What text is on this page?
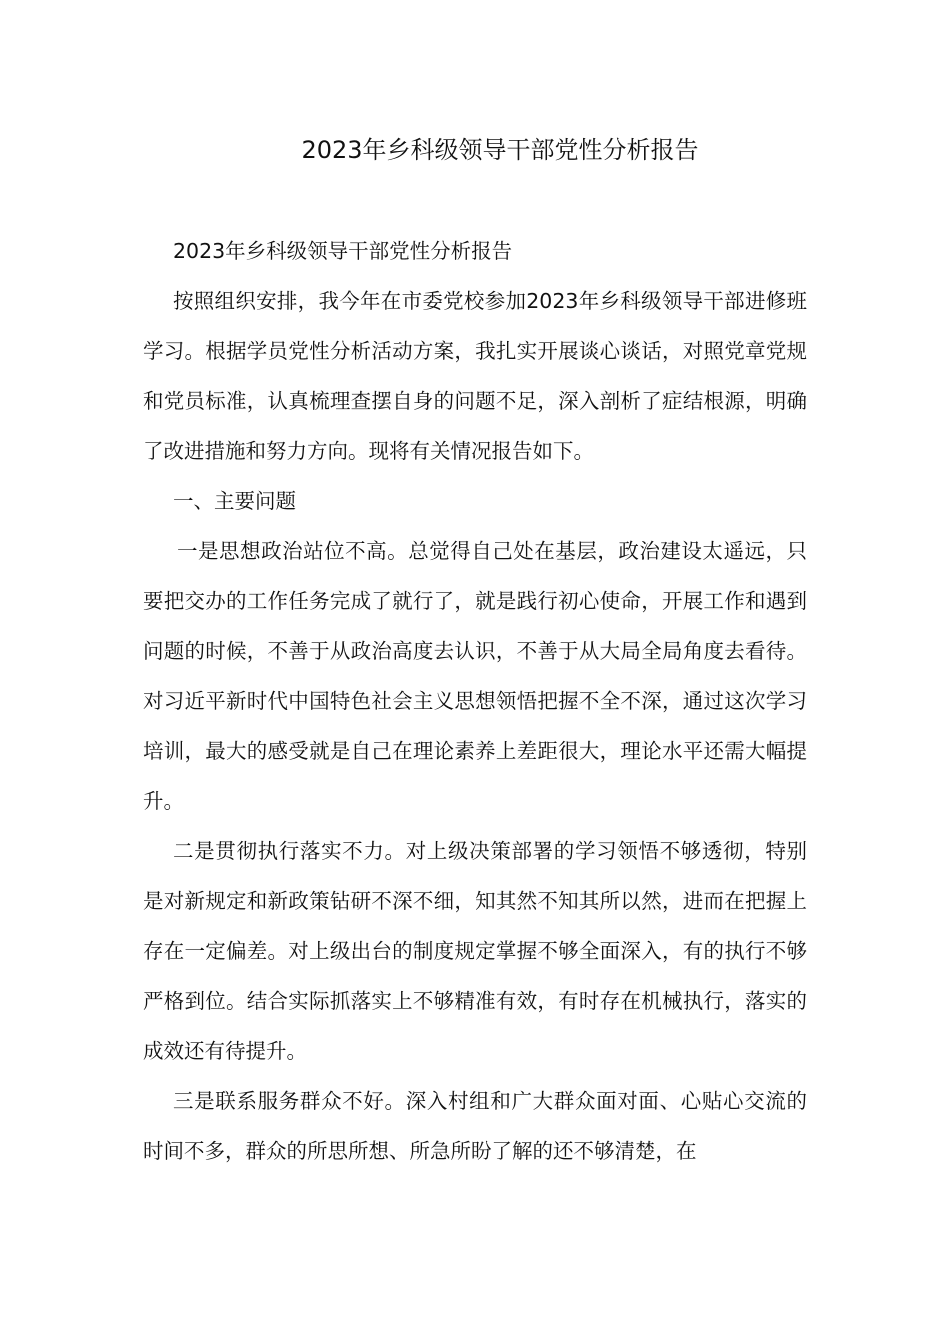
2023年乡科级领导干部党性分析报告

2023年乡科级领导干部党性分析报告

按照组织安排，我今年在市委党校参加2023年乡科级领导干部进修班学习。根据学员党性分析活动方案，我扎实开展谈心谈话，对照党章党规和党员标准，认真梳理查摆自身的问题不足，深入剖析了症结根源，明确了改进措施和努力方向。现将有关情况报告如下。

一、主要问题

一是思想政治站位不高。总觉得自己处在基层，政治建设太遥远，只要把交办的工作任务完成了就行了，就是践行初心使命，开展工作和遇到问题的时候，不善于从政治高度去认识，不善于从大局全局角度去看待。对习近平新时代中国特色社会主义思想领悟把握不全不深，通过这次学习培训，最大的感受就是自己在理论素养上差距很大，理论水平还需大幅提升。

二是贯彻执行落实不力。对上级决策部署的学习领悟不够透彻，特别是对新规定和新政策钻研不深不细，知其然不知其所以然，进而在把握上存在一定偏差。对上级出台的制度规定掌握不够全面深入，有的执行不够严格到位。结合实际抓落实上不够精准有效，有时存在机械执行，落实的成效还有待提升。

三是联系服务群众不好。深入村组和广大群众面对面、心贴心交流的时间不多，群众的所思所想、所急所盼了解的还不够清楚，在
